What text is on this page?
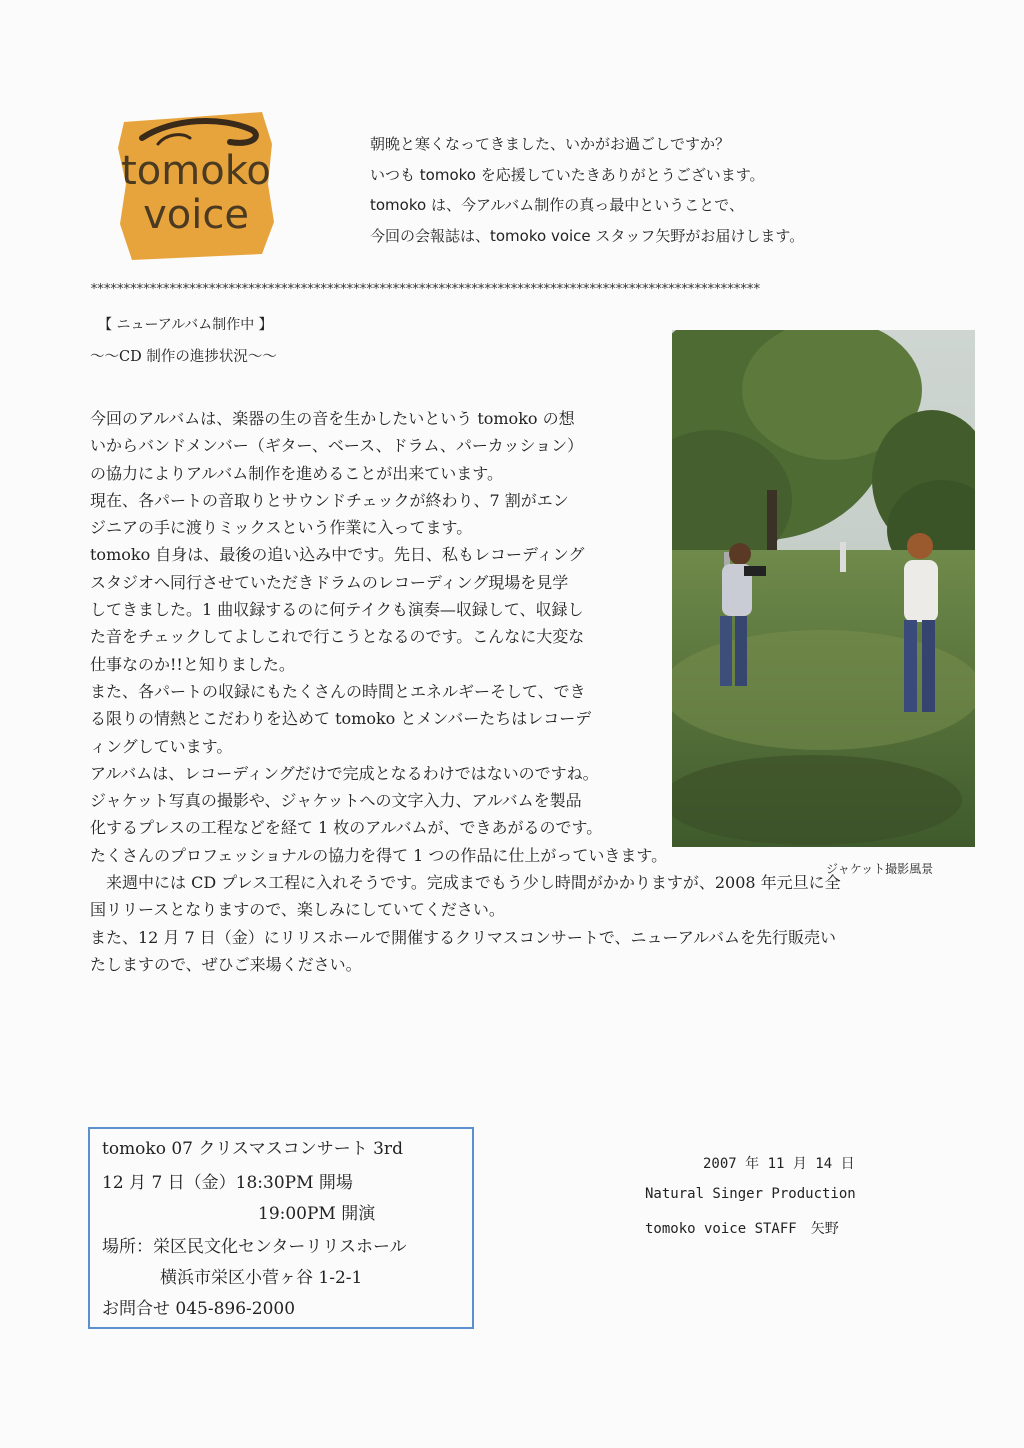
tomoko
voice
朝晩と寒くなってきました、いかがお過ごしですか？
いつも tomoko を応援していたきありがとうございます。
tomoko は、今アルバム制作の真っ最中ということで、
今回の会報誌は、tomoko voice スタッフ矢野がお届けします。
******************************************************************************************************
【 ニューアルバム制作中 】
〜〜CD 制作の進捗状況〜〜
今回のアルバムは、楽器の生の音を生かしたいという tomoko の想
いからバンドメンバー（ギター、ベース、ドラム、パーカッション）
の協力によりアルバム制作を進めることが出来ています。
現在、各パートの音取りとサウンドチェックが終わり、7 割がエン
ジニアの手に渡りミックスという作業に入ってます。
tomoko 自身は、最後の追い込み中です。先日、私もレコーディング
スタジオへ同行させていただきドラムのレコーディング現場を見学
してきました。1 曲収録するのに何テイクも演奏—収録して、収録し
た音をチェックしてよしこれで行こうとなるのです。こんなに大変な
仕事なのか!!と知りました。
また、各パートの収録にもたくさんの時間とエネルギーそして、でき
る限りの情熱とこだわりを込めて tomoko とメンバーたちはレコーデ
ィングしています。
アルバムは、レコーディングだけで完成となるわけではないのですね。
ジャケット写真の撮影や、ジャケットへの文字入力、アルバムを製品
化するプレスの工程などを経て 1 枚のアルバムが、できあがるのです。
たくさんのプロフェッショナルの協力を得て 1 つの作品に仕上がっていきます。
　来週中には CD プレス工程に入れそうです。完成までもう少し時間がかかりますが、2008 年元旦に全
国リリースとなりますので、楽しみにしていてください。
また、12 月 7 日（金）にリリスホールで開催するクリマスコンサートで、ニューアルバムを先行販売い
たしますので、ぜひご来場ください。
ジャケット撮影風景
tomoko 07 クリスマスコンサート 3rd
12 月 7 日（金）18:30PM 開場
19:00PM 開演
場所：栄区民文化センターリリスホール
横浜市栄区小菅ヶ谷 1-2-1
お問合せ 045-896-2000
2007 年 11 月 14 日
Natural Singer Production
tomoko voice STAFF　矢野
